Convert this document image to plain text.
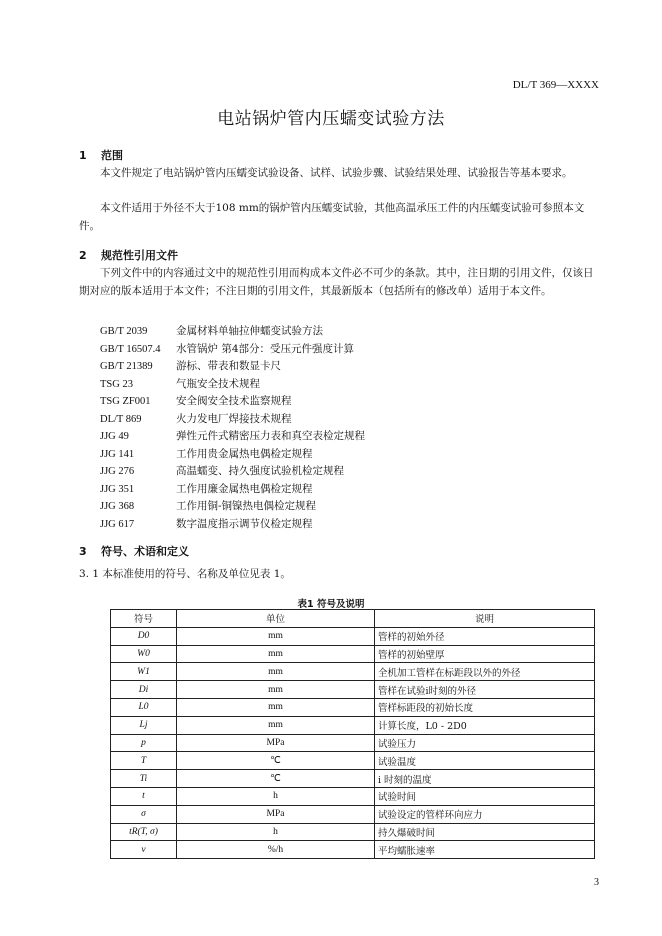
DL/T 369—XXXX
电站锅炉管内压蠕变试验方法
1 范围
本文件规定了电站锅炉管内压蠕变试验设备、试样、试验步骤、试验结果处理、试验报告等基本要求。
本文件适用于外径不大于108 mm的锅炉管内压蠕变试验，其他高温承压工件的内压蠕变试验可参照本文件。
2 规范性引用文件
下列文件中的内容通过文中的规范性引用而构成本文件必不可少的条款。其中，注日期的引用文件，仅该日期对应的版本适用于本文件；不注日期的引用文件，其最新版本（包括所有的修改单）适用于本文件。
GB/T 2039	金属材料单轴拉伸蠕变试验方法
GB/T 16507.4 水管锅炉 第4部分：受压元件强度计算
GB/T 21389 游标、带表和数显卡尺
TSG 23	气瓶安全技术规程
TSG ZF001 安全阀安全技术监察规程
DL/T 869	火力发电厂焊接技术规程
JJG 49	弹性元件式精密压力表和真空表检定规程
JJG 141	工作用贵金属热电偶检定规程
JJG 276	高温蠕变、持久强度试验机检定规程
JJG 351	工作用廉金属热电偶检定规程
JJG 368	工作用铜-铜镍热电偶检定规程
JJG 617	数字温度指示调节仪检定规程
3 符号、术语和定义
3. 1 本标准使用的符号、名称及单位见表 1。
表1 符号及说明
符号	单位	说明
D0	mm	管样的初始外径
W0	mm	管样的初始壁厚
W1	mm	全机加工管样在标距段以外的外径
Di	mm	管样在试验i时刻的外径
L0	mm	管样标距段的初始长度
Lj	mm	计算长度，L0 - 2D0
p	MPa	试验压力
T	℃	试验温度
Ti	℃	i 时刻的温度
t	h	试验时间
σ	MPa	试验设定的管样环向应力
tR(T, σ)	h	持久爆破时间
v	%/h	平均蠕胀速率
3
